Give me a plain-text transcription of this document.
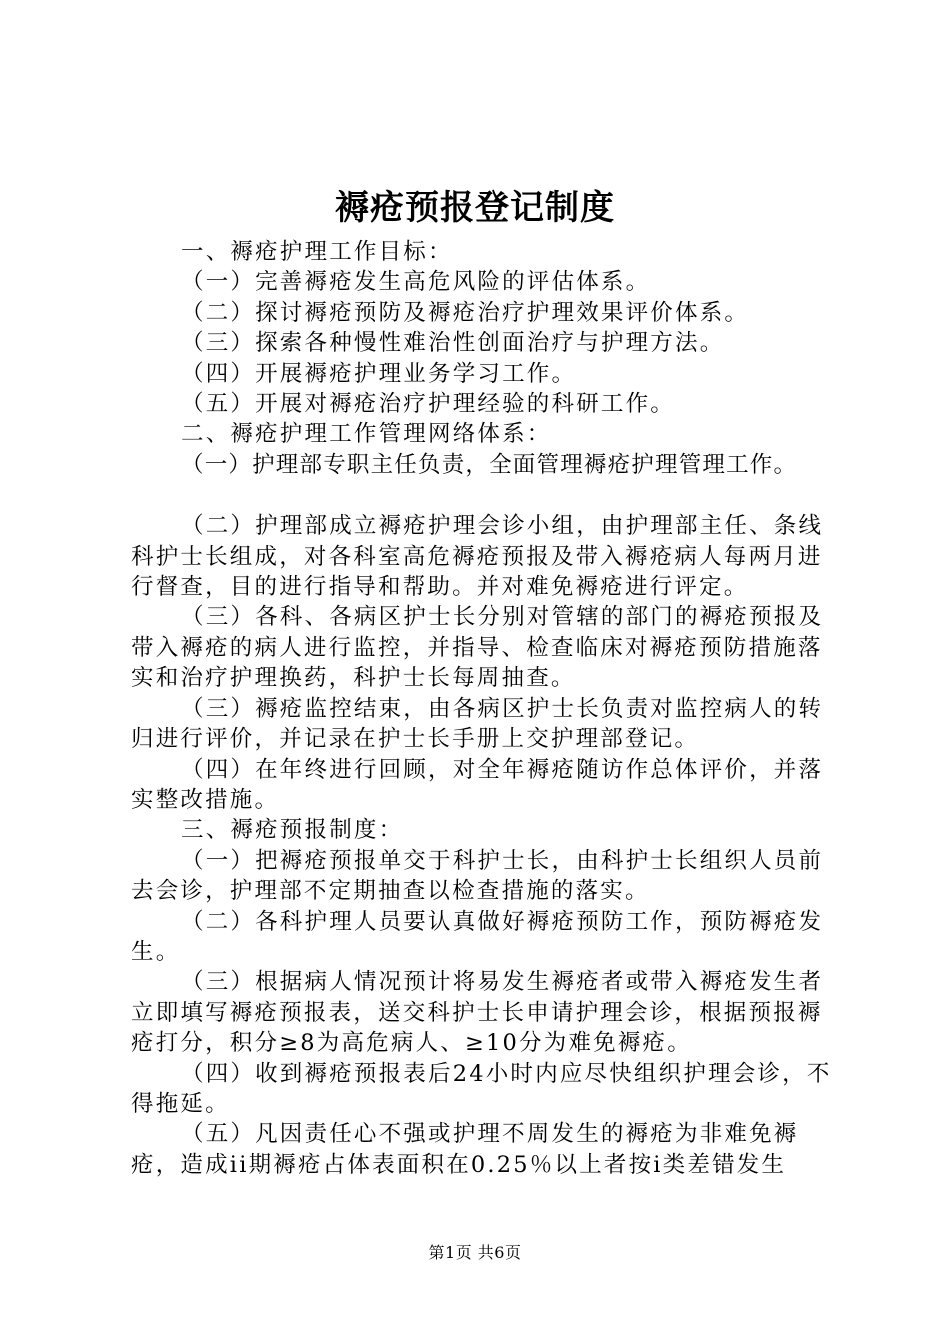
褥疮预报登记制度

一、褥疮护理工作目标：

（一）完善褥疮发生高危风险的评估体系。

（二）探讨褥疮预防及褥疮治疗护理效果评价体系。

（三）探索各种慢性难治性创面治疗与护理方法。

（四）开展褥疮护理业务学习工作。

（五）开展对褥疮治疗护理经验的科研工作。

二、褥疮护理工作管理网络体系：

（一）护理部专职主任负责，全面管理褥疮护理管理工作。

（二）护理部成立褥疮护理会诊小组，由护理部主任、条线科护士长组成，对各科室高危褥疮预报及带入褥疮病人每两月进行督查，目的进行指导和帮助。并对难免褥疮进行评定。

（三）各科、各病区护士长分别对管辖的部门的褥疮预报及带入褥疮的病人进行监控，并指导、检查临床对褥疮预防措施落实和治疗护理换药，科护士长每周抽查。

（三）褥疮监控结束，由各病区护士长负责对监控病人的转归进行评价，并记录在护士长手册上交护理部登记。

（四）在年终进行回顾，对全年褥疮随访作总体评价，并落实整改措施。

三、褥疮预报制度：

（一）把褥疮预报单交于科护士长，由科护士长组织人员前去会诊，护理部不定期抽查以检查措施的落实。

（二）各科护理人员要认真做好褥疮预防工作，预防褥疮发生。

（三）根据病人情况预计将易发生褥疮者或带入褥疮发生者立即填写褥疮预报表，送交科护士长申请护理会诊，根据预报褥疮打分，积分≥8为高危病人、≥10分为难免褥疮。

（四）收到褥疮预报表后24小时内应尽快组织护理会诊，不得拖延。

（五）凡因责任心不强或护理不周发生的褥疮为非难免褥疮，造成ii期褥疮占体表面积在0.25％以上者按i类差错发生

第1页 共6页
